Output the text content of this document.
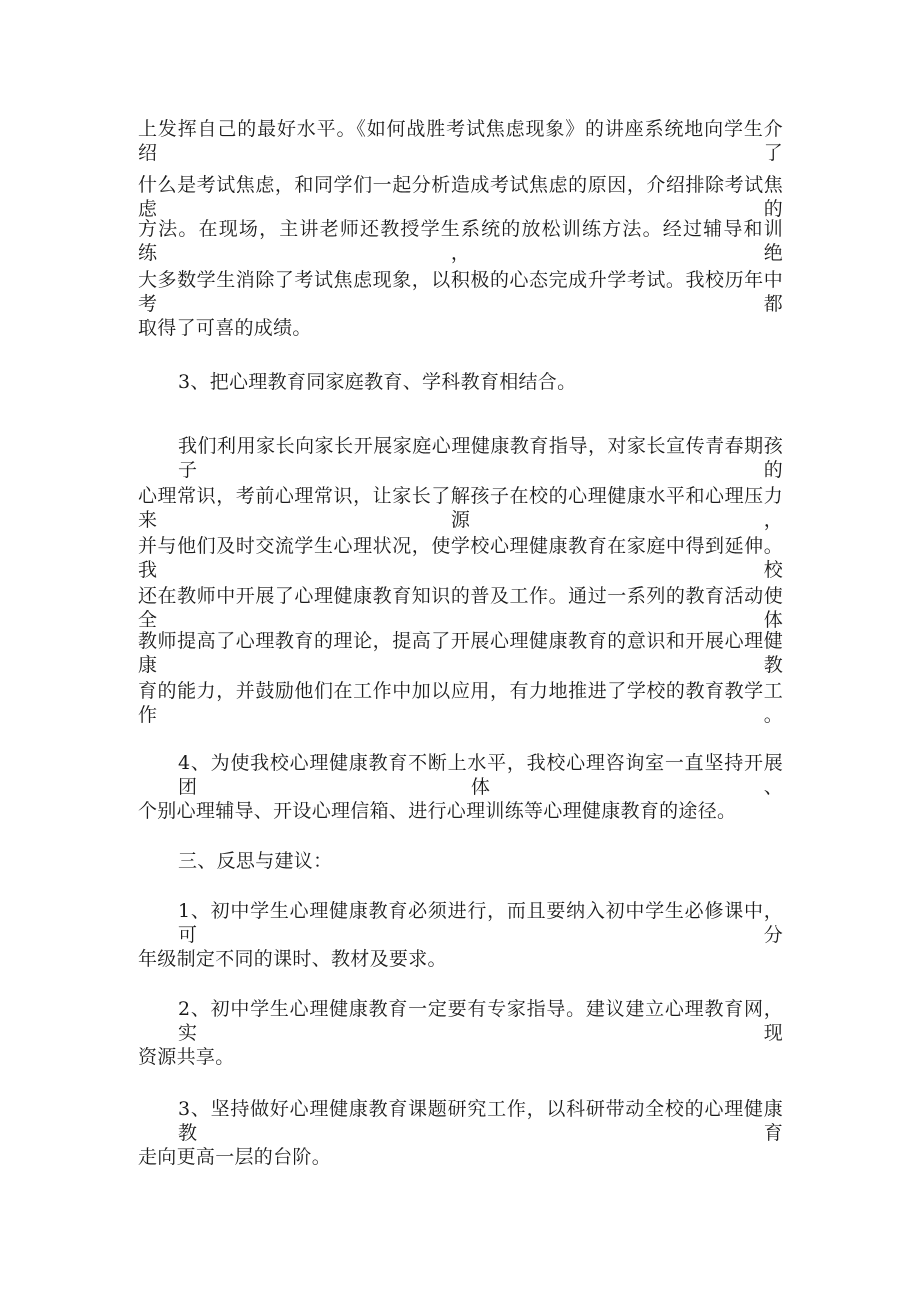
上发挥自己的最好水平。《如何战胜考试焦虑现象》的讲座系统地向学生介绍了
什么是考试焦虑，和同学们一起分析造成考试焦虑的原因，介绍排除考试焦虑的
方法。在现场，主讲老师还教授学生系统的放松训练方法。经过辅导和训练，绝
大多数学生消除了考试焦虑现象，以积极的心态完成升学考试。我校历年中考都
取得了可喜的成绩。
3、把心理教育同家庭教育、学科教育相结合。
我们利用家长向家长开展家庭心理健康教育指导，对家长宣传青春期孩子的
心理常识，考前心理常识，让家长了解孩子在校的心理健康水平和心理压力来源，
并与他们及时交流学生心理状况，使学校心理健康教育在家庭中得到延伸。我校
还在教师中开展了心理健康教育知识的普及工作。通过一系列的教育活动使全体
教师提高了心理教育的理论，提高了开展心理健康教育的意识和开展心理健康教
育的能力，并鼓励他们在工作中加以应用，有力地推进了学校的教育教学工作。
4、为使我校心理健康教育不断上水平，我校心理咨询室一直坚持开展团体、
个别心理辅导、开设心理信箱、进行心理训练等心理健康教育的途径。
三、反思与建议：
1、初中学生心理健康教育必须进行，而且要纳入初中学生必修课中，可分
年级制定不同的课时、教材及要求。
2、初中学生心理健康教育一定要有专家指导。建议建立心理教育网，实现
资源共享。
3、坚持做好心理健康教育课题研究工作，以科研带动全校的心理健康教育
走向更高一层的台阶。
